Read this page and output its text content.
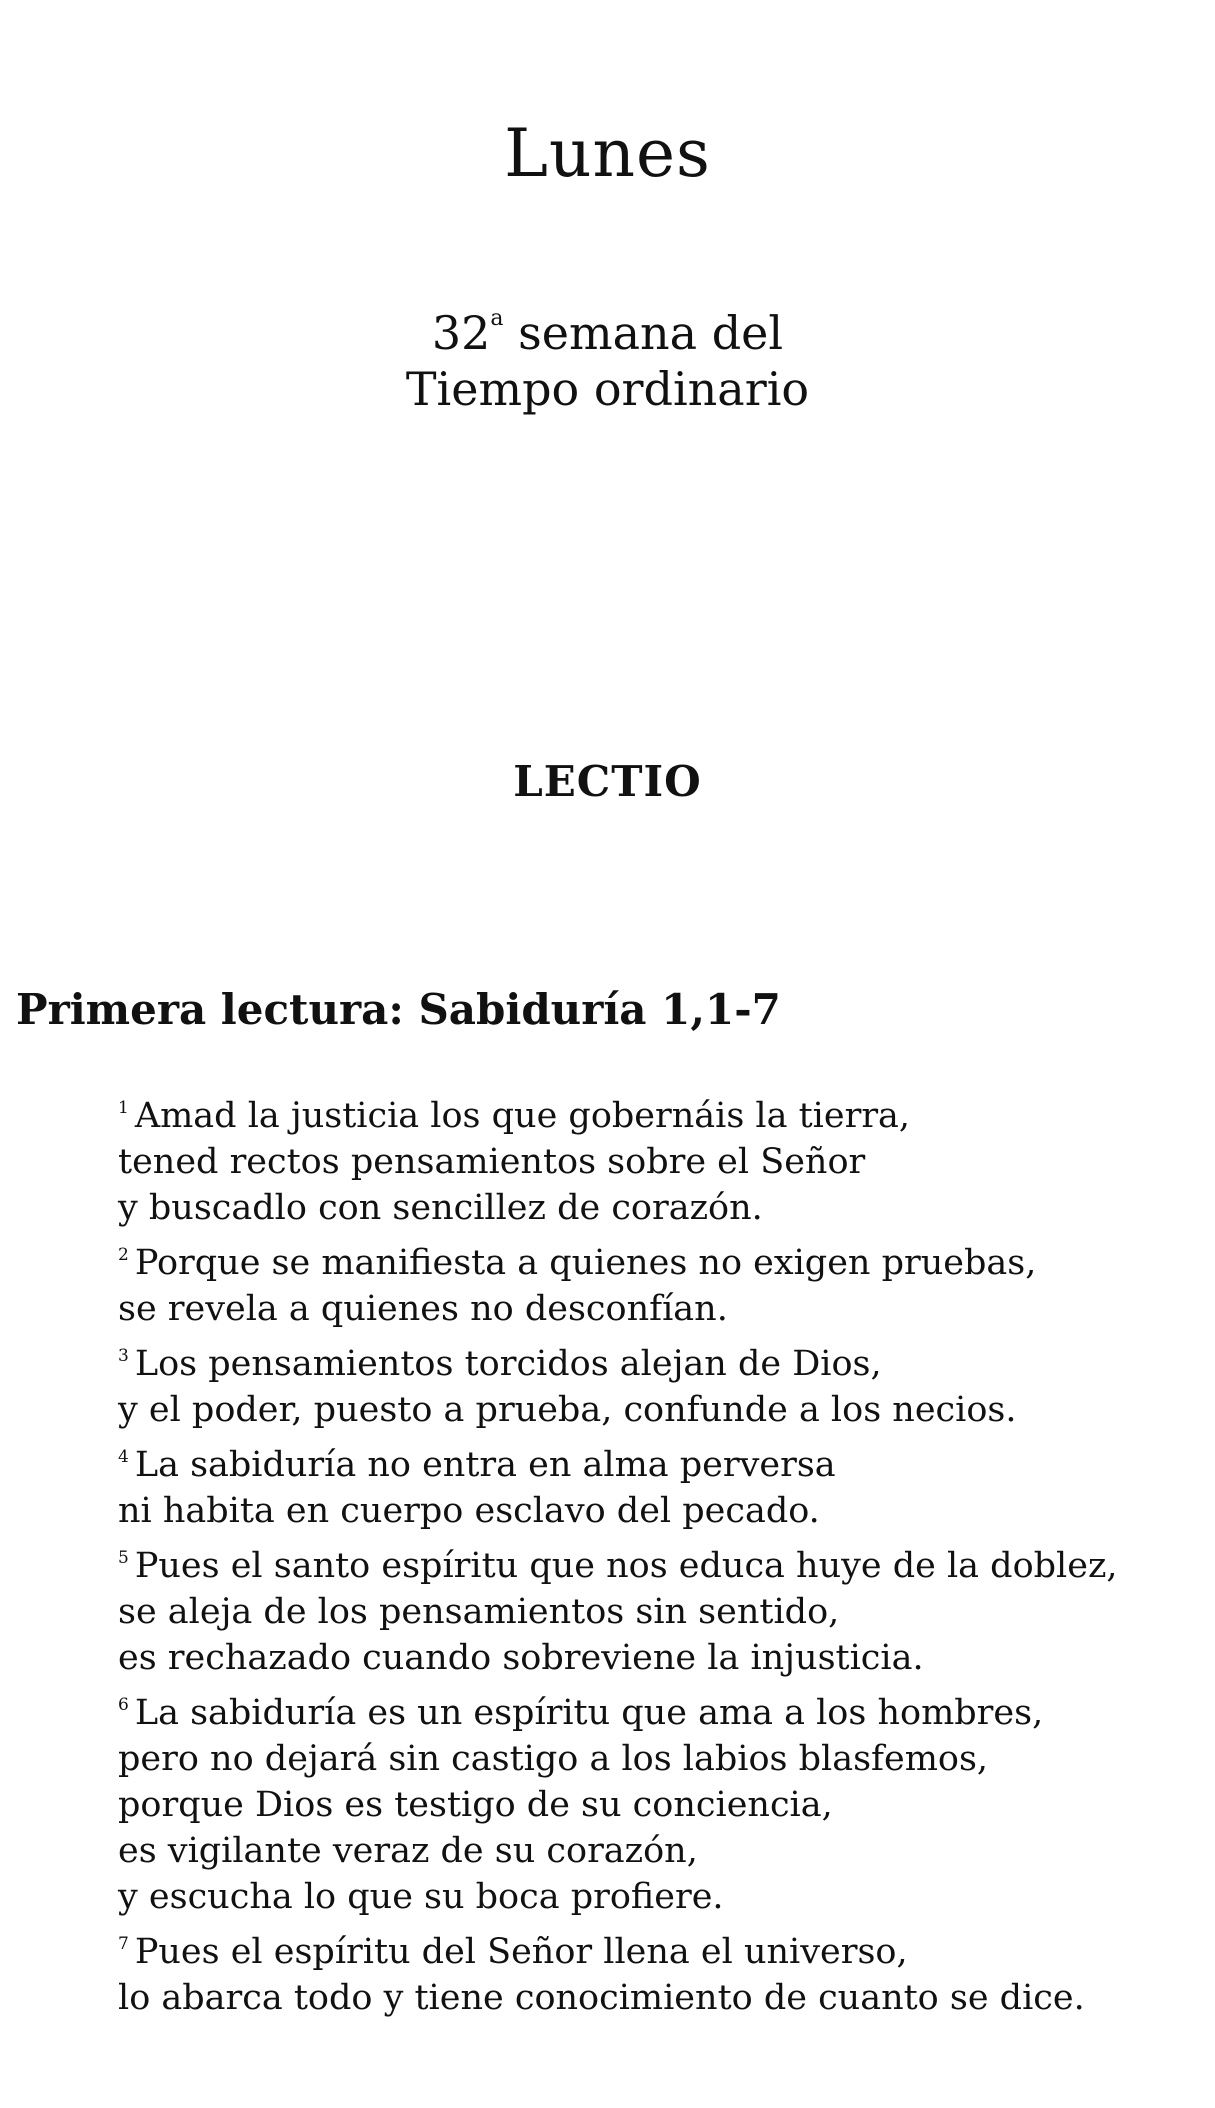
Lunes
32$^a$ semana del
Tiempo ordinario
LECTIO
Primera lectura: Sabiduría 1,1-7
$^1$ Amad la justicia los que gobernáis la tierra,
tened rectos pensamientos sobre el Señor
y buscadlo con sencillez de corazón.
$^2$ Porque se manifiesta a quienes no exigen pruebas,
se revela a quienes no desconfían.
$^3$ Los pensamientos torcidos alejan de Dios,
y el poder, puesto a prueba, confunde a los necios.
$^4$ La sabiduría no entra en alma perversa
ni habita en cuerpo esclavo del pecado.
$^5$ Pues el santo espíritu que nos educa huye de la doblez,
se aleja de los pensamientos sin sentido,
es rechazado cuando sobreviene la injusticia.
$^6$ La sabiduría es un espíritu que ama a los hombres,
pero no dejará sin castigo a los labios blasfemos,
porque Dios es testigo de su conciencia,
es vigilante veraz de su corazón,
y escucha lo que su boca profiere.
$^7$ Pues el espíritu del Señor llena el universo,
lo abarca todo y tiene conocimiento de cuanto se dice.
